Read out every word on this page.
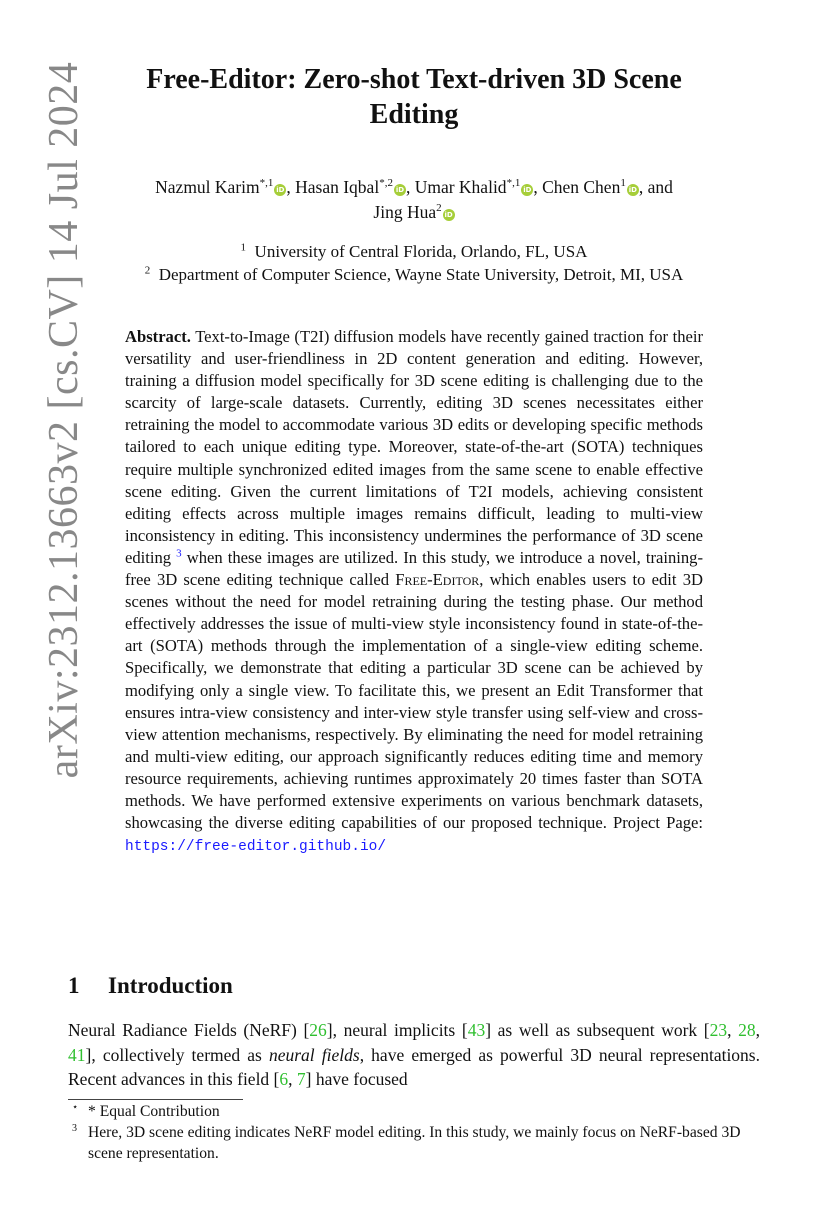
arXiv:2312.13663v2 [cs.CV] 14 Jul 2024	Free-Editor: Zero-shot Text-driven 3D Scene
Editing
Nazmul Karim$^{*,1}$iD , Hasan Iqbal$^{*,2}$iD , Umar Khalid$^{*,1}$iD , Chen Chen$^1$iD , and
Jing Hua$^2$iD
$^1$ University of Central Florida, Orlando, FL, USA
$^2$ Department of Computer Science, Wayne State University, Detroit, MI, USA
Abstract. Text-to-Image (T2I) diffusion models have recently gained traction for their versatility and user-friendliness in 2D content generation and editing. However, training a diffusion model specifically for 3D scene editing is challenging due to the scarcity of large-scale datasets. Currently, editing 3D scenes necessitates either retraining the model to accommodate various 3D edits or developing specific methods tailored to each unique editing type. Moreover, state-of-the-art (SOTA) techniques require multiple synchronized edited images from the same scene to enable effective scene editing. Given the current limitations of T2I models, achieving consistent editing effects across multiple images remains difficult, leading to multi-view inconsistency in editing. This inconsistency undermines the performance of 3D scene editing $^3$ when these images are utilized. In this study, we introduce a novel, training-free 3D scene editing technique called Free-Editor, which enables users to edit 3D scenes without the need for model retraining during the testing phase. Our method effectively addresses the issue of multi-view style inconsistency found in state-of-the-art (SOTA) methods through the implementation of a single-view editing scheme. Specifically, we demonstrate that editing a particular 3D scene can be achieved by modifying only a single view. To facilitate this, we present an Edit Transformer that ensures intra-view consistency and inter-view style transfer using self-view and cross-view attention mechanisms, respectively. By eliminating the need for model retraining and multi-view editing, our approach significantly reduces editing time and memory resource requirements, achieving runtimes approximately 20 times faster than SOTA methods. We have performed extensive experiments on various benchmark datasets, showcasing the diverse editing capabilities of our proposed technique. Project Page: https://free-editor.github.io/
1 Introduction
Neural Radiance Fields (NeRF) [26], neural implicits [43] as well as subsequent work [23, 28, 41], collectively termed as neural fields, have emerged as powerful 3D neural representations. Recent advances in this field [6, 7] have focused
⋆ * Equal Contribution
3 Here, 3D scene editing indicates NeRF model editing. In this study, we mainly focus on NeRF-based 3D scene representation.
